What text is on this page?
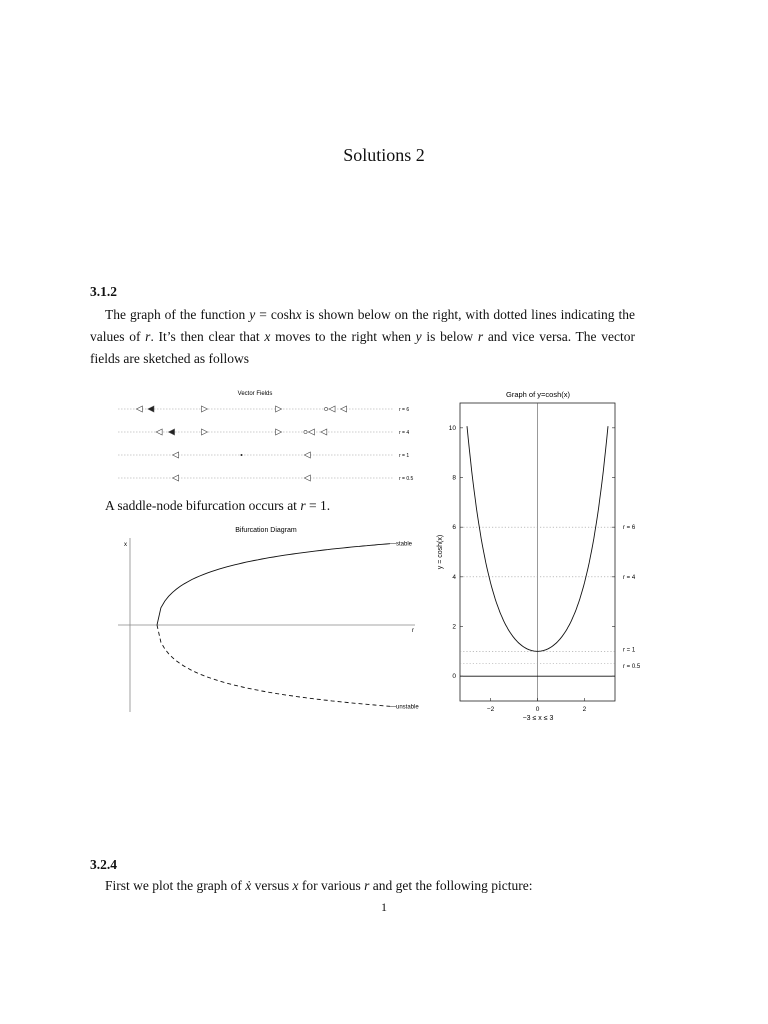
Solutions 2
3.1.2
The graph of the function y = coshx is shown below on the right, with dotted lines indicating the values of r. It’s then clear that x moves to the right when y is below r and vice versa. The vector fields are sketched as follows
Vector Fields
r = 6
r = 4
r = 1
r = 0.5
A saddle-node bifurcation occurs at r = 1.
Bifurcation Diagram
x
r
—stable
—unstable
Graph of y=cosh(x)
y = cosh(x)
−3 ≤ x ≤ 3
r = 6
r = 4
r = 1
r = 0.5
0
2
4
6
8
10
−2	0	2
3.2.4
First we plot the graph of ẋ versus x for various r and get the following picture:
1
